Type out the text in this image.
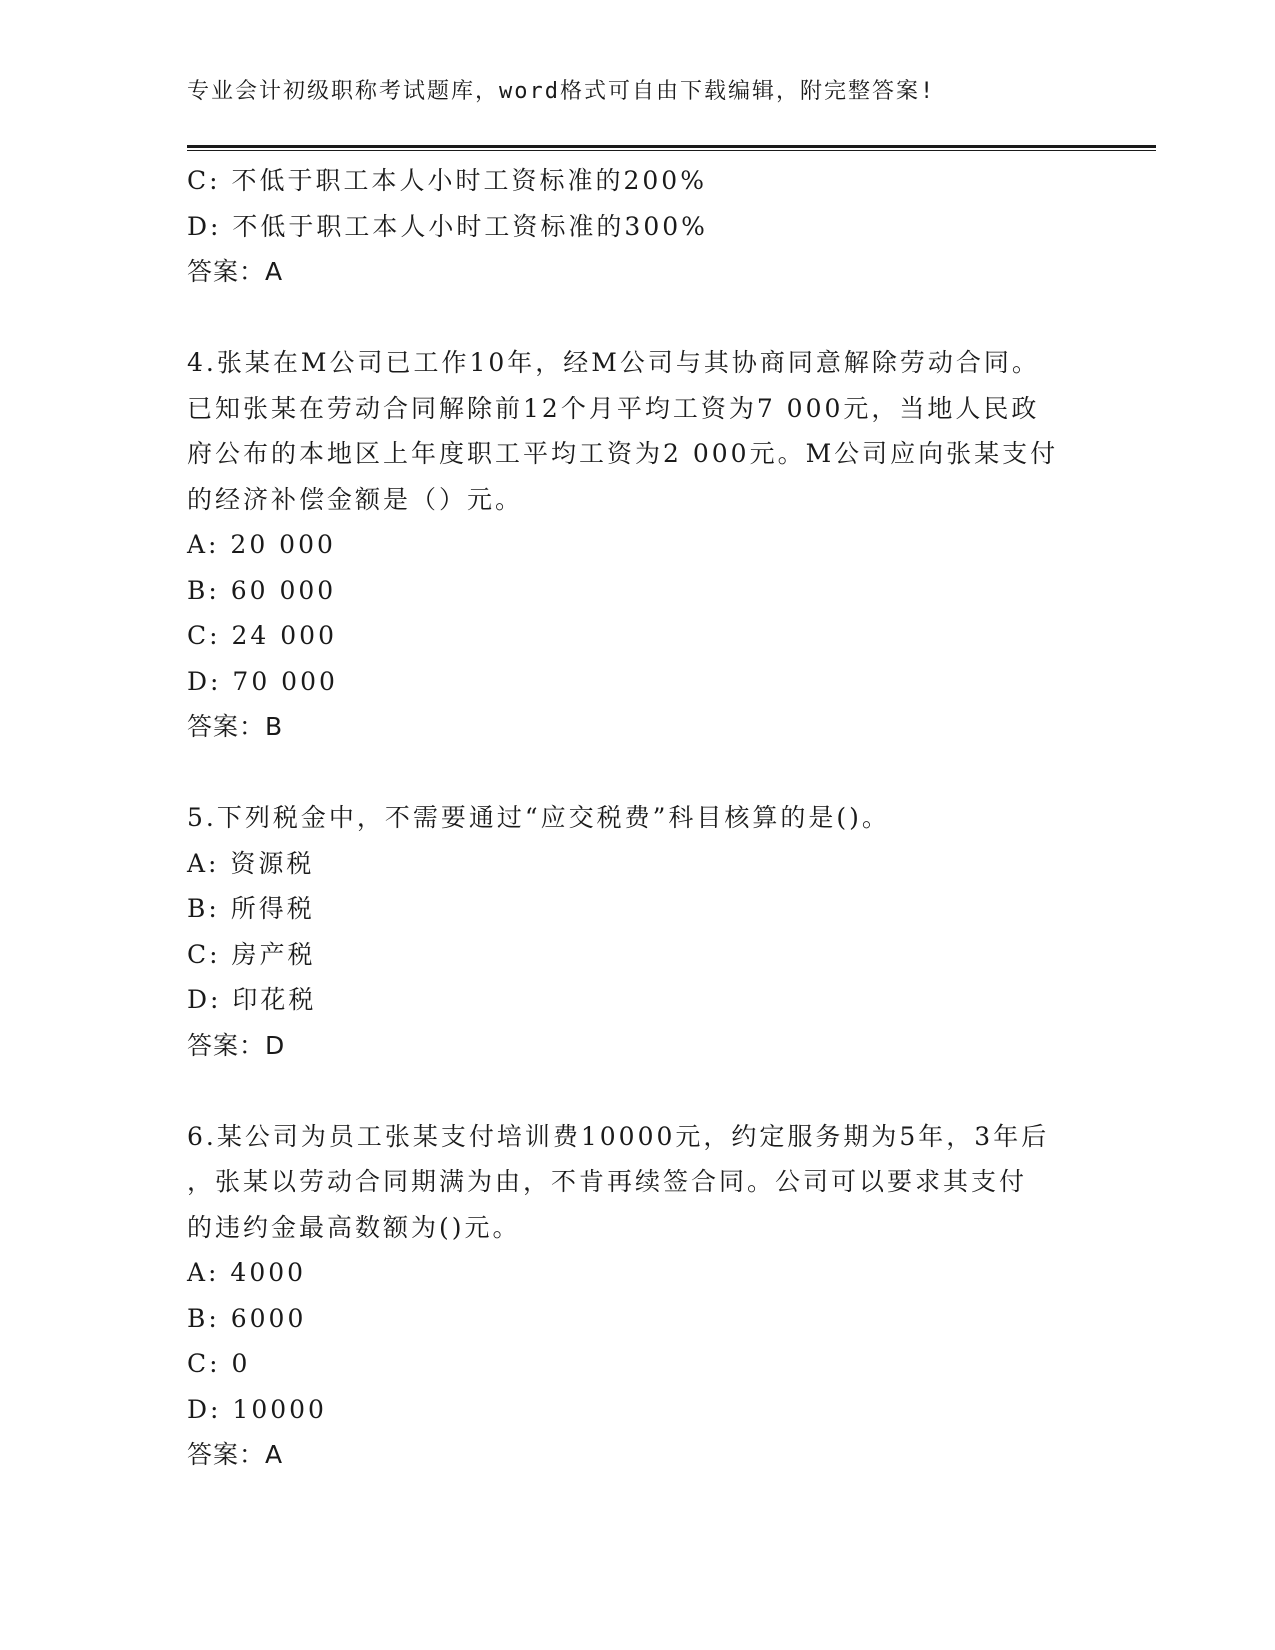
专业会计初级职称考试题库，word格式可自由下载编辑，附完整答案!
C: 不低于职工本人小时工资标准的200%
D: 不低于职工本人小时工资标准的300%
答案：A
4.张某在M公司已工作10年，经M公司与其协商同意解除劳动合同。
已知张某在劳动合同解除前12个月平均工资为7 000元，当地人民政
府公布的本地区上年度职工平均工资为2 000元。M公司应向张某支付
的经济补偿金额是（）元。
A: 20 000
B: 60 000
C: 24 000
D: 70 000
答案：B
5.下列税金中，不需要通过“应交税费”科目核算的是()。
A: 资源税
B: 所得税
C: 房产税
D: 印花税
答案：D
6.某公司为员工张某支付培训费10000元，约定服务期为5年，3年后
，张某以劳动合同期满为由，不肯再续签合同。公司可以要求其支付
的违约金最高数额为()元。
A: 4000
B: 6000
C: 0
D: 10000
答案：A
